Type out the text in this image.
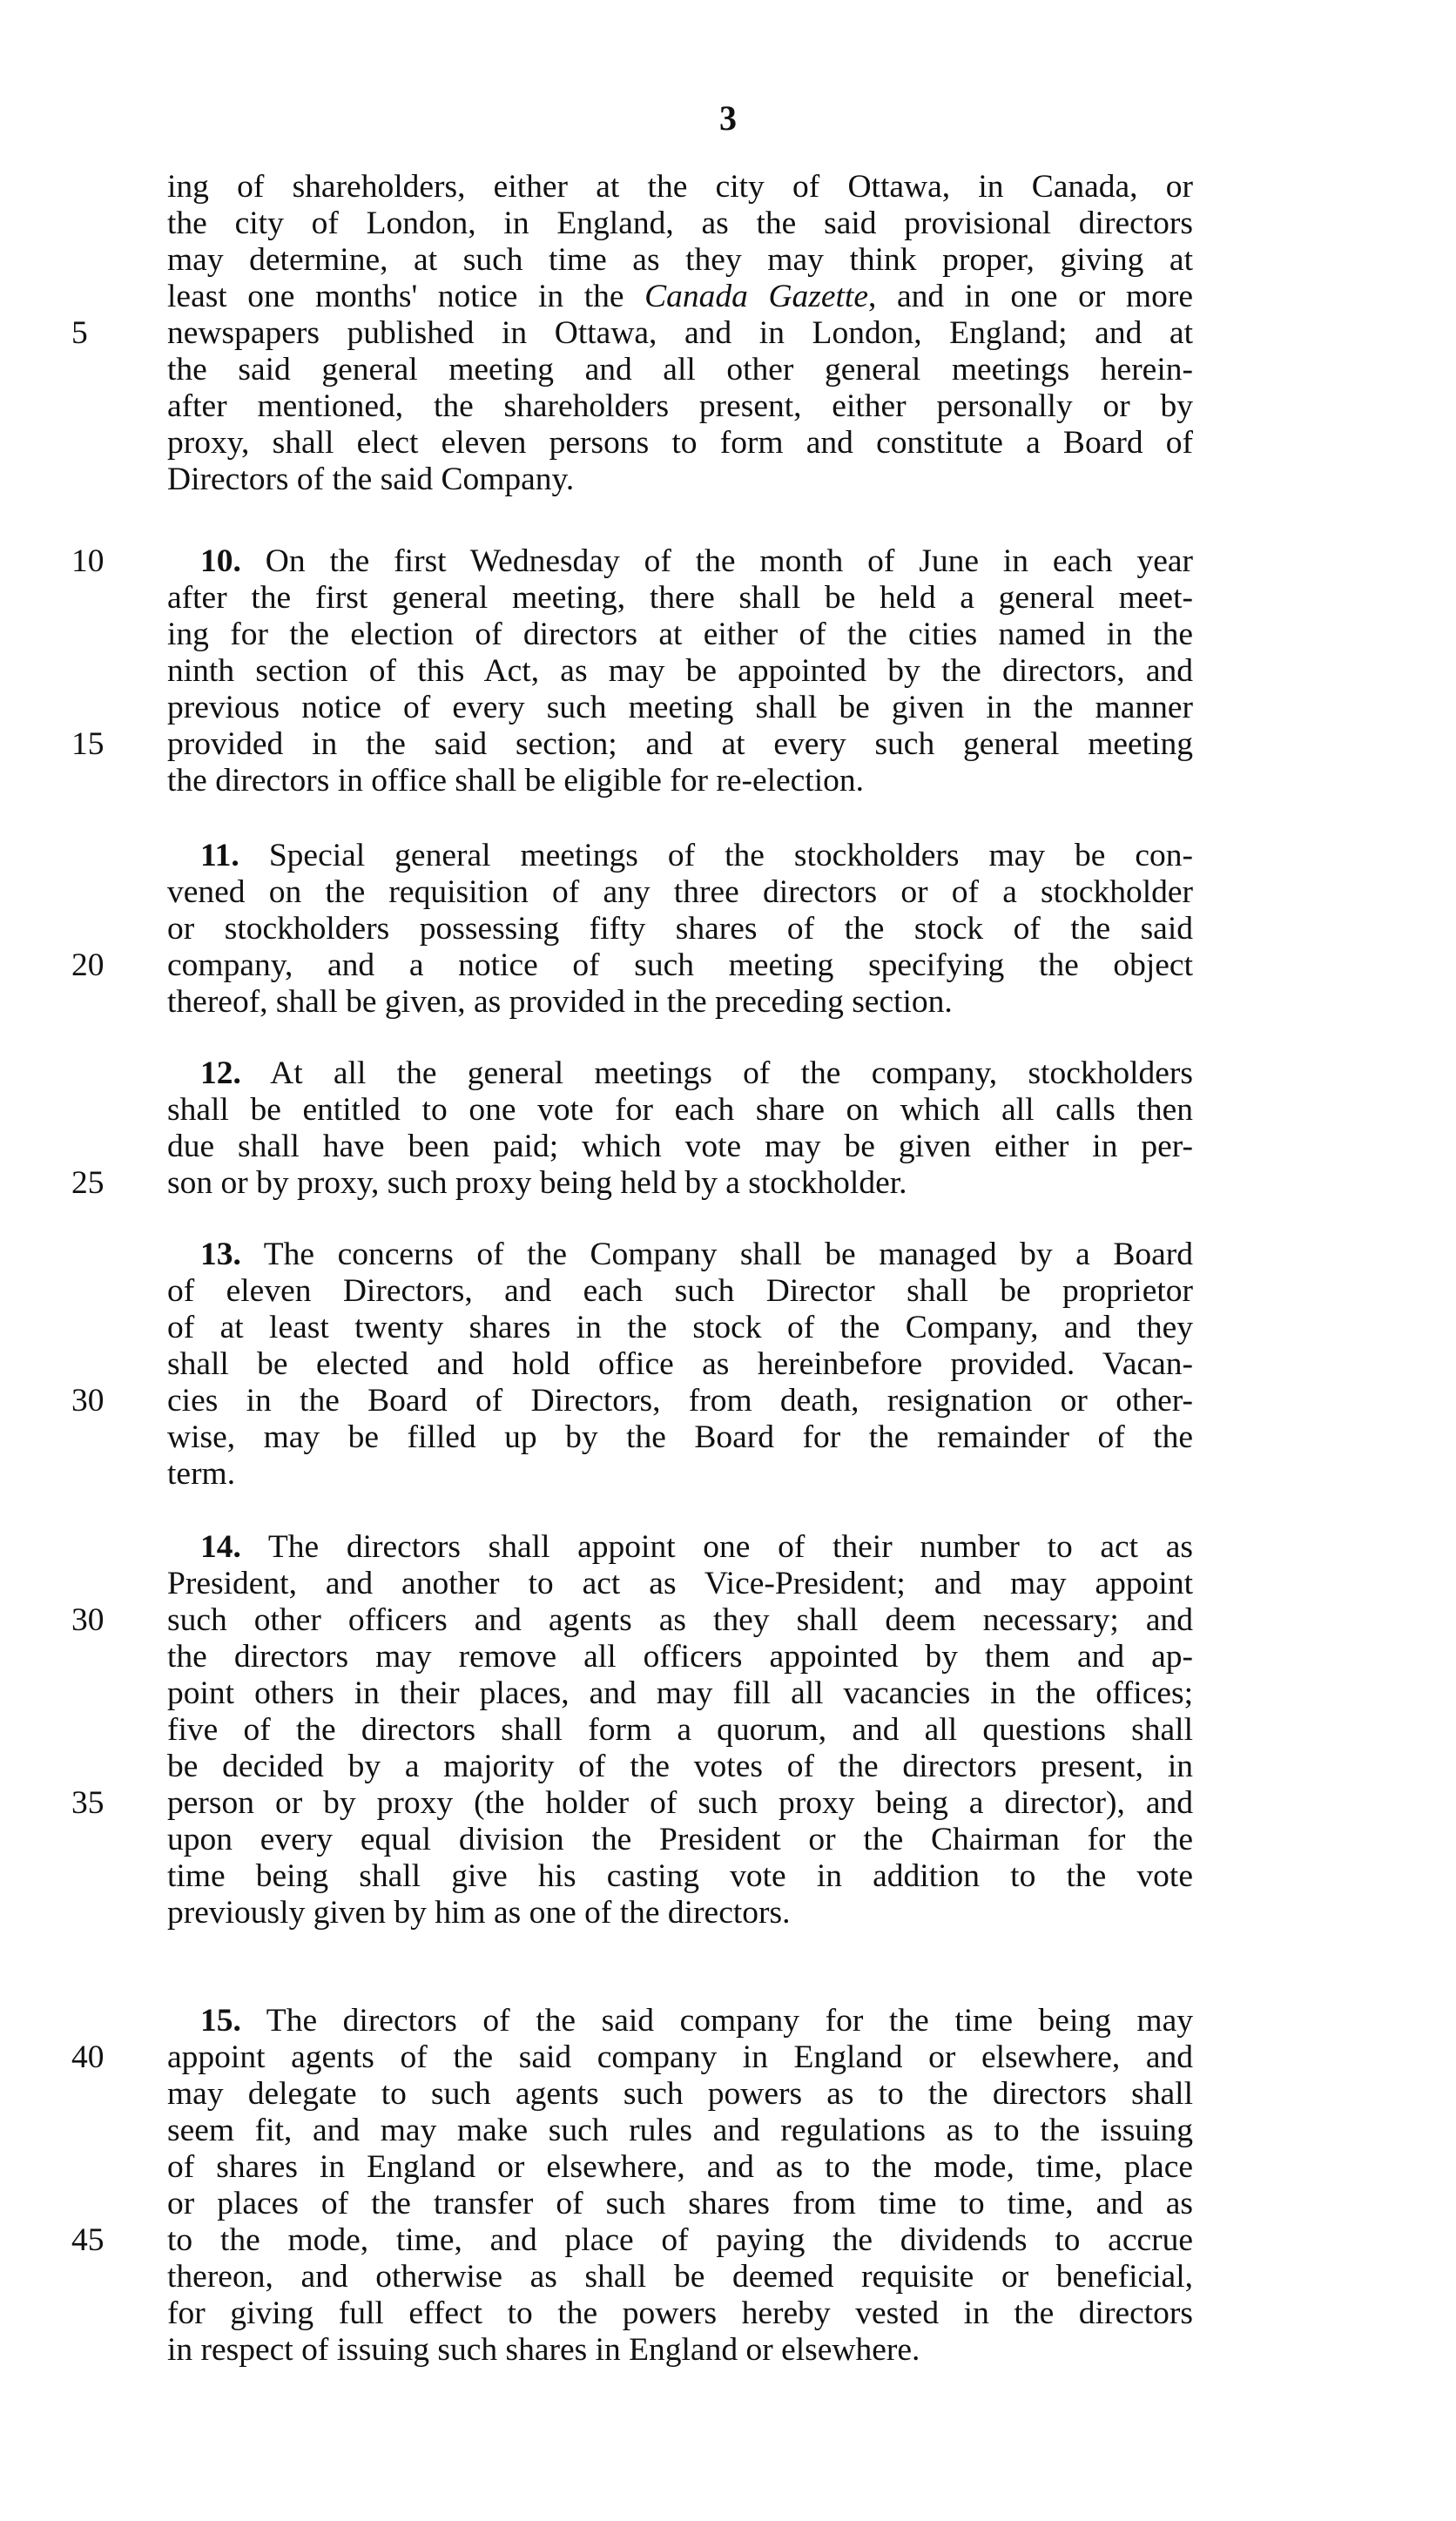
3
ing of shareholders, either at the city of Ottawa, in Canada, or
the city of London, in England, as the said provisional directors
may determine, at such time as they may think proper, giving at
least one months' notice in the Canada Gazette, and in one or more
5	newspapers published in Ottawa, and in London, England; and at
the said general meeting and all other general meetings herein-
after mentioned, the shareholders present, either personally or by
proxy, shall elect eleven persons to form and constitute a Board of
Directors of the said Company.
10	10. On the first Wednesday of the month of June in each year
after the first general meeting, there shall be held a general meet-
ing for the election of directors at either of the cities named in the
ninth section of this Act, as may be appointed by the directors, and
previous notice of every such meeting shall be given in the manner
15	provided in the said section; and at every such general meeting
the directors in office shall be eligible for re-election.
11. Special general meetings of the stockholders may be con-
vened on the requisition of any three directors or of a stockholder
or stockholders possessing fifty shares of the stock of the said
20	company, and a notice of such meeting specifying the object
thereof, shall be given, as provided in the preceding section.
12. At all the general meetings of the company, stockholders
shall be entitled to one vote for each share on which all calls then
due shall have been paid; which vote may be given either in per-
25	son or by proxy, such proxy being held by a stockholder.
13. The concerns of the Company shall be managed by a Board
of eleven Directors, and each such Director shall be proprietor
of at least twenty shares in the stock of the Company, and they
shall be elected and hold office as hereinbefore provided. Vacan-
30	cies in the Board of Directors, from death, resignation or other-
wise, may be filled up by the Board for the remainder of the
term.
14. The directors shall appoint one of their number to act as
President, and another to act as Vice-President; and may appoint
30	such other officers and agents as they shall deem necessary; and
the directors may remove all officers appointed by them and ap-
point others in their places, and may fill all vacancies in the offices;
five of the directors shall form a quorum, and all questions shall
be decided by a majority of the votes of the directors present, in
35	person or by proxy (the holder of such proxy being a director), and
upon every equal division the President or the Chairman for the
time being shall give his casting vote in addition to the vote
previously given by him as one of the directors.
15. The directors of the said company for the time being may
40	appoint agents of the said company in England or elsewhere, and
may delegate to such agents such powers as to the directors shall
seem fit, and may make such rules and regulations as to the issuing
of shares in England or elsewhere, and as to the mode, time, place
or places of the transfer of such shares from time to time, and as
45	to the mode, time, and place of paying the dividends to accrue
thereon, and otherwise as shall be deemed requisite or beneficial,
for giving full effect to the powers hereby vested in the directors
in respect of issuing such shares in England or elsewhere.
